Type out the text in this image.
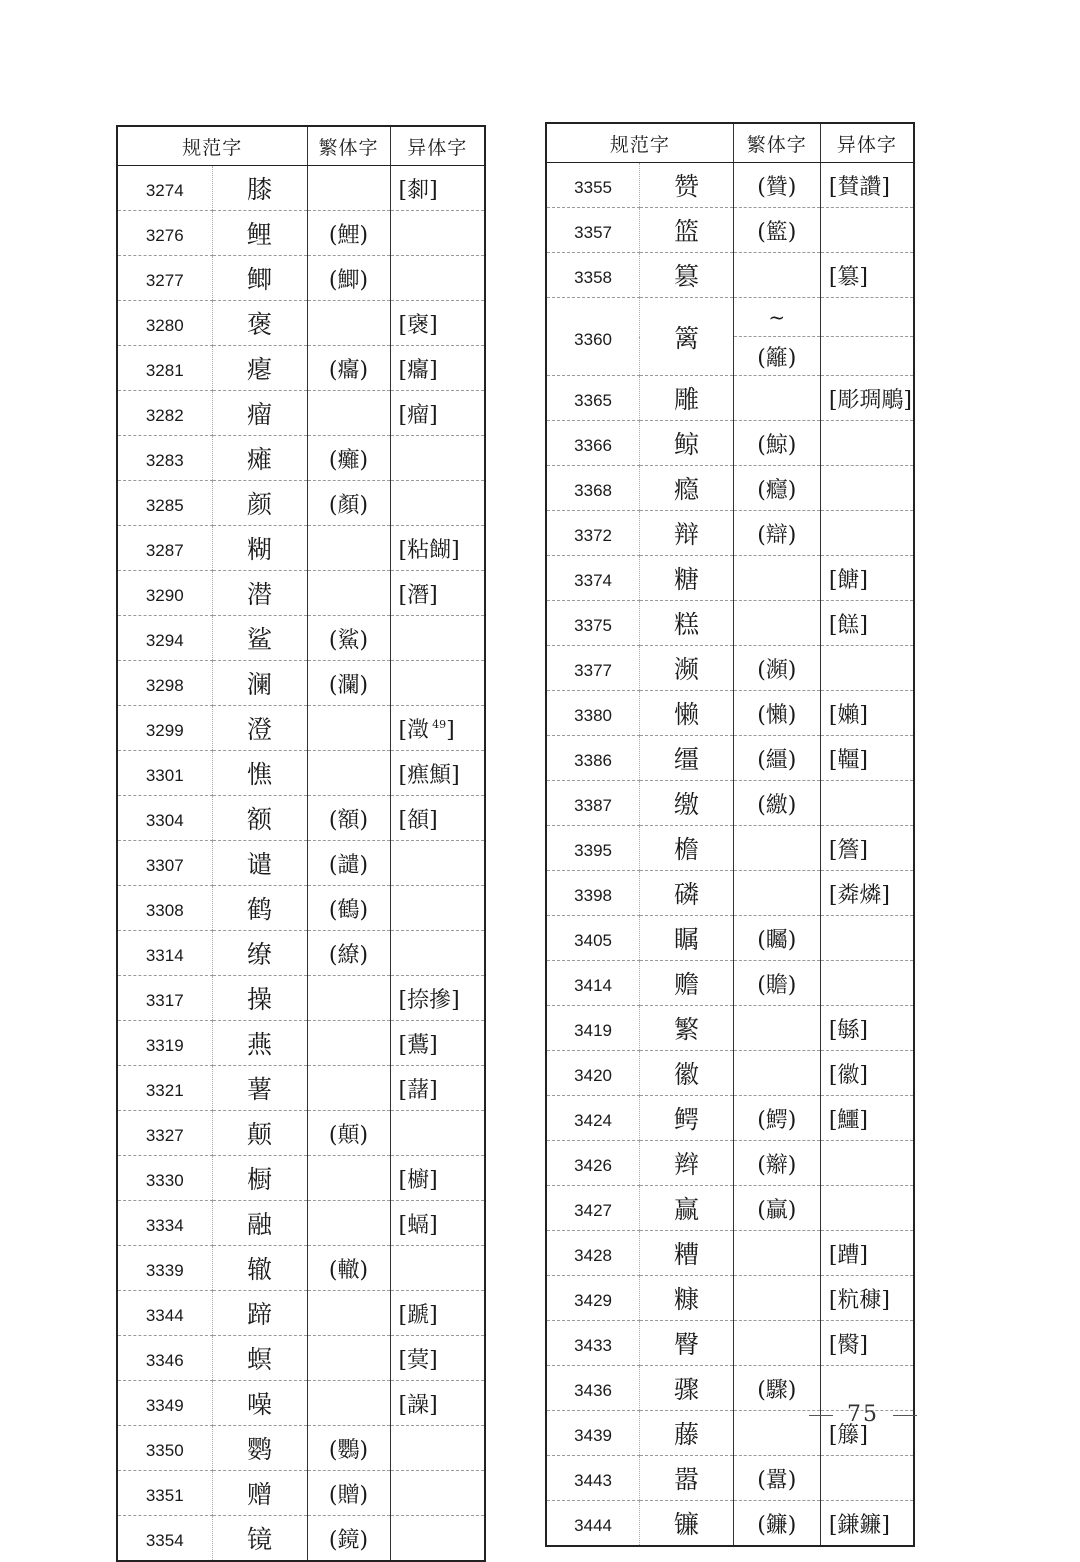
规范字		繁体字	异体字
3274	膝		[厀]
3276	鲤	(鯉)	
3277	鲫	(鯽)	
3280	褒		[襃]
3281	瘪	(癟)	[癟]
3282	瘤		[瘤]
3283	瘫	(癱)	
3285	颜	(顏)	
3287	糊		[粘餬]
3290	潜		[潛]
3294	鲨	(鯊)	
3298	澜	(瀾)	
3299	澄		[澂 $^{49}$]
3301	憔		[癄顦]
3304	额	(額)	[頟]
3307	谴	(譴)	
3308	鹤	(鶴)	
3314	缭	(繚)	
3317	操		[捺摻]
3319	燕		[鷰]
3321	薯		[藷]
3327	颠	(顛)	
3330	橱		[櫥]
3334	融		[螎]
3339	辙	(轍)	
3344	蹄		[蹏]
3346	螟		[蓂]
3349	噪		[譟]
3350	鹦	(鸚)	
3351	赠	(贈)	
3354	镜	(鏡)	
规范字		繁体字	异体字
3355	赞	(贊)	[賛讚]
3357	篮	(籃)	
3358	篡		[簒]
3360	篱	~	
		(籬)	
3365	雕		[彫琱鵰]
3366	鲸	(鯨)	
3368	瘾	(癮)	
3372	辩	(辯)	
3374	糖		[餹]
3375	糕		[餻]
3377	濒	(瀕)	
3380	懒	(懶)	[嬾]
3386	缰	(繮)	[韁]
3387	缴	(繳)	
3395	檐		[簷]
3398	磷		[粦燐]
3405	瞩	(矚)	
3414	赡	(贍)	
3419	繁		[緐]
3420	徽		[徽]
3424	鳄	(鰐)	[鱷]
3426	辫	(辮)	
3427	赢	(贏)	
3428	糟		[蹧]
3429	糠		[粇穅]
3433	臀		[臋]
3436	骤	(驟)	
3439	藤		[籐]
3443	嚣	(囂)	
3444	镰	(鐮)	[鎌鐮]
75
